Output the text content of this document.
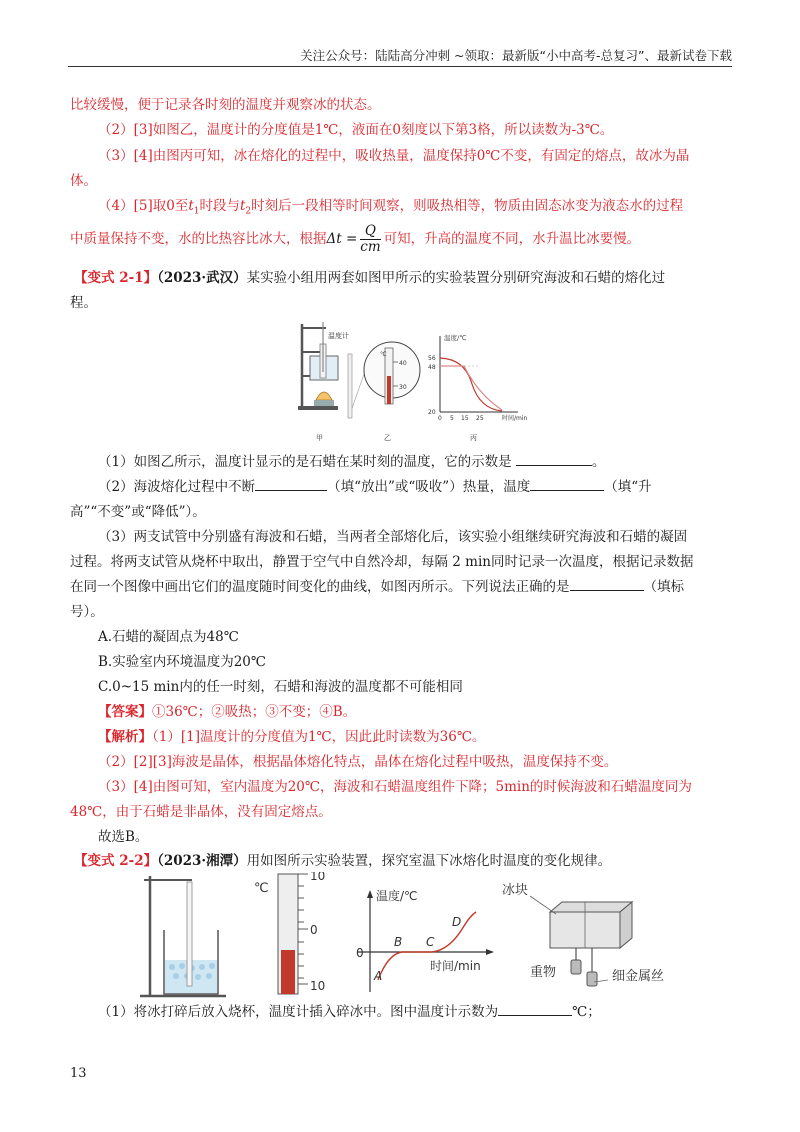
关注公众号：陆陆高分冲刺 ~领取：最新版“小中高考-总复习”、最新试卷下载
比较缓慢，便于记录各时刻的温度并观察冰的状态。
（2）[3]如图乙，温度计的分度值是1℃，液面在0刻度以下第3格，所以读数为-3℃。
（3）[4]由图丙可知，冰在熔化的过程中，吸收热量，温度保持0℃不变，有固定的熔点，故冰为晶
体。
（4）[5]取0至$t_1$时段与$t_2$时刻后一段相等时间观察，则吸热相等，物质由固态冰变为液态水的过程
中质量保持不变，水的比热容比冰大，根据$\Delta t = \frac{Q}{cm}$ 可知，升高的温度不同，水升温比冰要慢。
【变式 2-1】（2023·武汉）某实验小组用两套如图甲所示的实验装置分别研究海波和石蜡的熔化过
程。
温度计
℃
40
30
温度/℃
时间/min
56
48
20
0 5 15 25
甲	乙	丙
（1）如图乙所示，温度计显示的是石蜡在某时刻的温度，它的示数是	。
（2）海波熔化过程中不断	（填“放出”或“吸收”）热量，温度	（填“升
高”“不变”或“降低”）。
（3）两支试管中分别盛有海波和石蜡，当两者全部熔化后，该实验小组继续研究海波和石蜡的凝固
过程。将两支试管从烧杯中取出，静置于空气中自然冷却，每隔 2 min同时记录一次温度，根据记录数据
在同一个图像中画出它们的温度随时间变化的曲线，如图丙所示。下列说法正确的是	（填标
号）。
A.石蜡的凝固点为48℃
B.实验室内环境温度为20℃
C.0~15 min内的任一时刻，石蜡和海波的温度都不可能相同
【答案】①36℃；②吸热；③不变；④B。
【解析】（1）[1]温度计的分度值为1℃，因此此时读数为36℃。
（2）[2][3]海波是晶体，根据晶体熔化特点，晶体在熔化过程中吸热，温度保持不变。
（3）[4]由图可知，室内温度为20℃，海波和石蜡温度组件下降；5min的时候海波和石蜡温度同为
48℃，由于石蜡是非晶体，没有固定熔点。
故选B。
【变式 2-2】（2023·湘潭）用如图所示实验装置，探究室温下冰熔化时温度的变化规律。
℃
10
0
10
温度/℃
时间/min
0
A
B C
D
冰块
重物	细金属丝
（1）将冰打碎后放入烧杯，温度计插入碎冰中。图中温度计示数为	℃；
13
